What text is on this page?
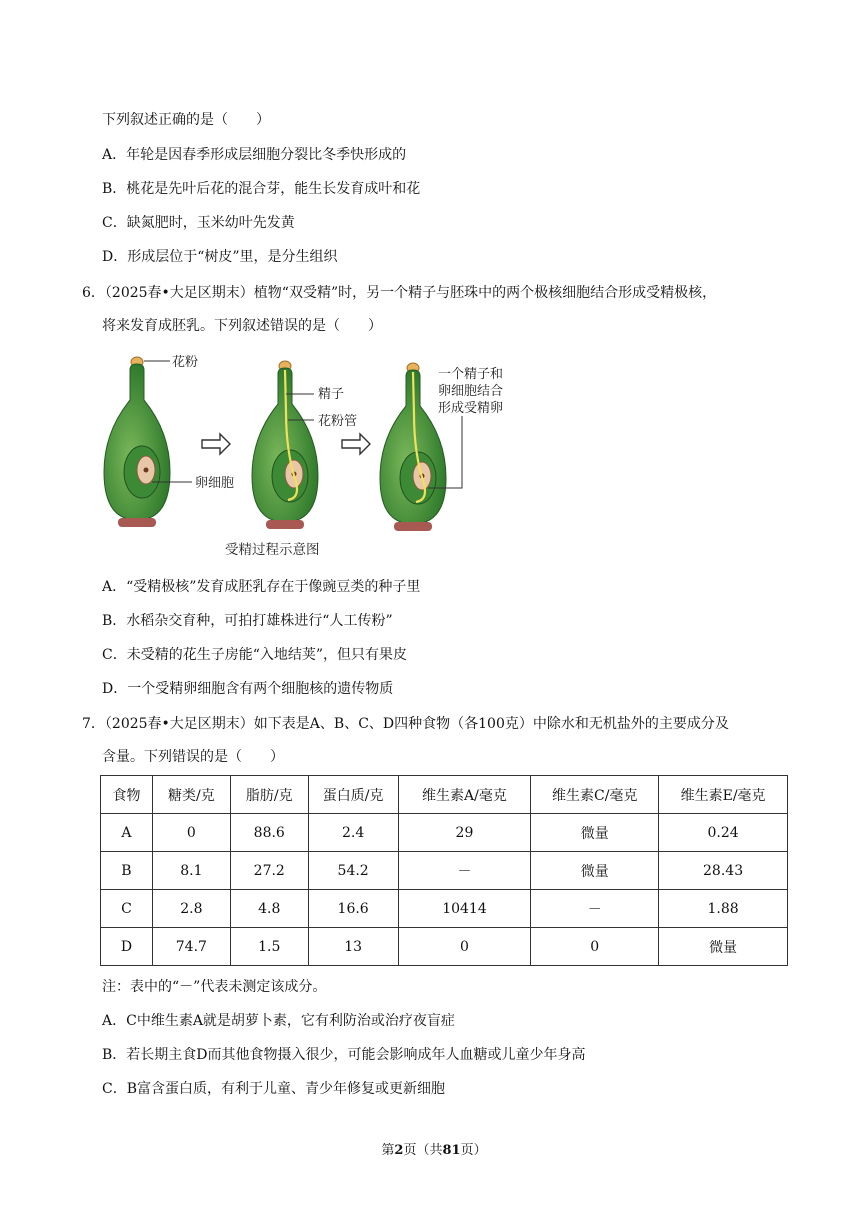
下列叙述正确的是（　　）
A．年轮是因春季形成层细胞分裂比冬季快形成的
B．桃花是先叶后花的混合芽，能生长发育成叶和花
C．缺氮肥时，玉米幼叶先发黄
D．形成层位于“树皮”里，是分生组织
6．（2025春•大足区期末）植物“双受精”时，另一个精子与胚珠中的两个极核细胞结合形成受精极核，
将来发育成胚乳。下列叙述错误的是（　　）
花粉
精子
花粉管
卵细胞
一个精子和
卵细胞结合
形成受精卵
受精过程示意图
A．“受精极核”发育成胚乳存在于像豌豆类的种子里
B．水稻杂交育种，可拍打雄株进行“人工传粉”
C．未受精的花生子房能“入地结荚”，但只有果皮
D．一个受精卵细胞含有两个细胞核的遗传物质
7．（2025春•大足区期末）如下表是A、B、C、D四种食物（各100克）中除水和无机盐外的主要成分及
含量。下列错误的是（　　）
食物	糖类/克	脂肪/克	蛋白质/克	维生素A/毫克	维生素C/毫克	维生素E/毫克
A	0	88.6	2.4	29	微量	0.24
B	8.1	27.2	54.2	－	微量	28.43
C	2.8	4.8	16.6	10414	－	1.88
D	74.7	1.5	13	0	0	微量
注：表中的“－”代表未测定该成分。
A．C中维生素A就是胡萝卜素，它有利防治或治疗夜盲症
B．若长期主食D而其他食物摄入很少，可能会影响成年人血糖或儿童少年身高
C．B富含蛋白质，有利于儿童、青少年修复或更新细胞
第2页（共81页）
